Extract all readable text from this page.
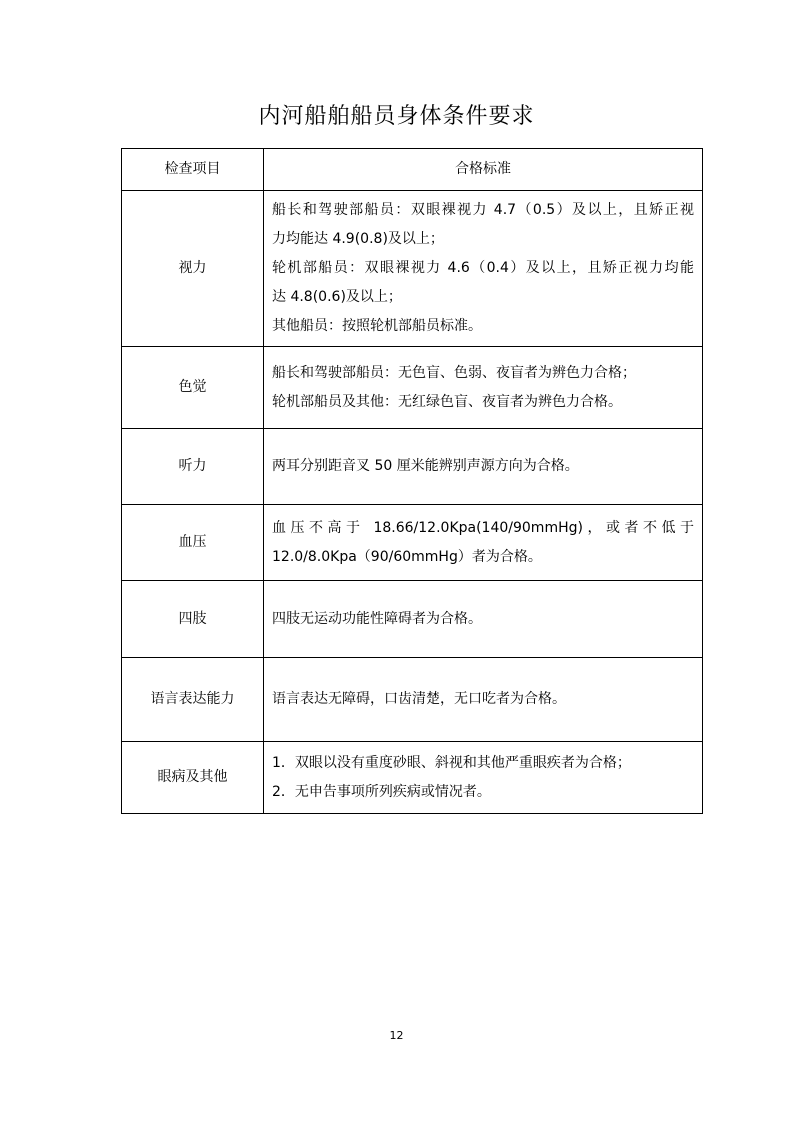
内河船舶船员身体条件要求
检查项目	合格标准
视力	船长和驾驶部船员：双眼裸视力 4.7（0.5）及以上，且矫正视
力均能达 4.9(0.8)及以上；
轮机部船员：双眼裸视力 4.6（0.4）及以上，且矫正视力均能
达 4.8(0.6)及以上；
其他船员：按照轮机部船员标准。

色觉	船长和驾驶部船员：无色盲、色弱、夜盲者为辨色力合格；
轮机部船员及其他：无红绿色盲、夜盲者为辨色力合格。

听力	两耳分别距音叉 50 厘米能辨别声源方向为合格。

血压	血压不高于 18.66/12.0Kpa(140/90mmHg)，或者不低于
12.0/8.0Kpa（90/60mmHg）者为合格。

四肢	四肢无运动功能性障碍者为合格。

语言表达能力	语言表达无障碍，口齿清楚，无口吃者为合格。

眼病及其他	1．双眼以没有重度砂眼、斜视和其他严重眼疾者为合格；
2．无申告事项所列疾病或情况者。
12
